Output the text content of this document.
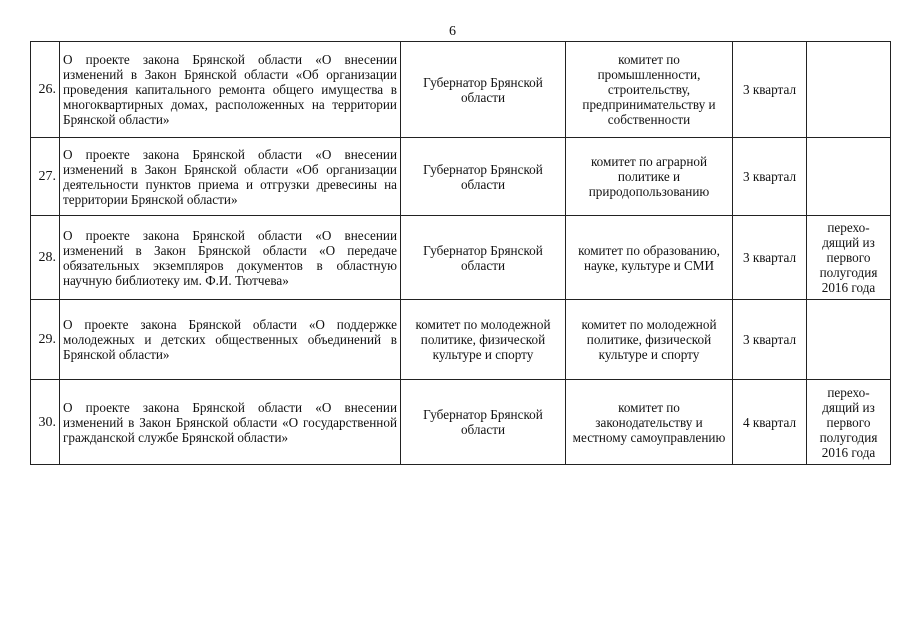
6
26.	О проекте закона Брянской области «О внесении изменений в Закон Брянской области «Об организации проведения капитального ремонта общего имущества в многоквартирных домах, расположенных на территории Брянской области»	Губернатор Брянской области	комитет по промышленности, строительству, предпринимательству и собственности	3 квартал	
27.	О проекте закона Брянской области «О внесении изменений в Закон Брянской области «Об организации деятельности пунктов приема и отгрузки древесины на территории Брянской области»	Губернатор Брянской области	комитет по аграрной политике и природопользованию	3 квартал	
28.	О проекте закона Брянской области «О внесении изменений в Закон Брянской области «О передаче обязательных экземпляров документов в областную научную библиотеку им. Ф.И. Тютчева»	Губернатор Брянской области	комитет по образованию, науке, культуре и СМИ	3 квартал	перехо-дящий из первого полугодия 2016 года
29.	О проекте закона Брянской области «О поддержке молодежных и детских общественных объединений в Брянской области»	комитет по молодежной политике, физической культуре и спорту	комитет по молодежной политике, физической культуре и спорту	3 квартал	
30.	О проекте закона Брянской области «О внесении изменений в Закон Брянской области «О государственной гражданской службе Брянской области»	Губернатор Брянской области	комитет по законодательству и местному самоуправлению	4 квартал	перехо-дящий из первого полугодия 2016 года
